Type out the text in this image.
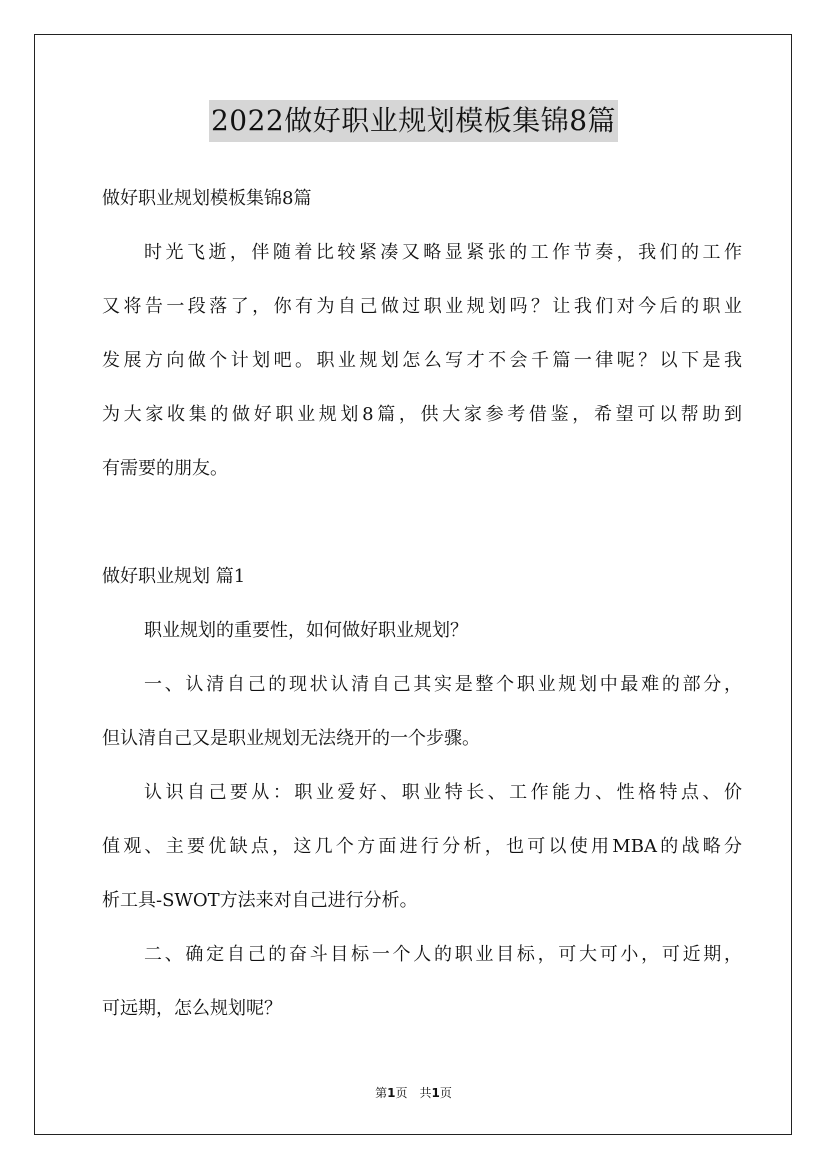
2022做好职业规划模板集锦8篇
做好职业规划模板集锦8篇
时光飞逝，伴随着比较紧凑又略显紧张的工作节奏，我们的工作
又将告一段落了，你有为自己做过职业规划吗？让我们对今后的职业
发展方向做个计划吧。职业规划怎么写才不会千篇一律呢？以下是我
为大家收集的做好职业规划8篇，供大家参考借鉴，希望可以帮助到
有需要的朋友。
做好职业规划 篇1
职业规划的重要性，如何做好职业规划？
一、认清自己的现状认清自己其实是整个职业规划中最难的部分，
但认清自己又是职业规划无法绕开的一个步骤。
认识自己要从：职业爱好、职业特长、工作能力、性格特点、价
值观、主要优缺点，这几个方面进行分析，也可以使用MBA的战略分
析工具-SWOT方法来对自己进行分析。
二、确定自己的奋斗目标一个人的职业目标，可大可小，可近期，
可远期，怎么规划呢？
第1页　共1页
